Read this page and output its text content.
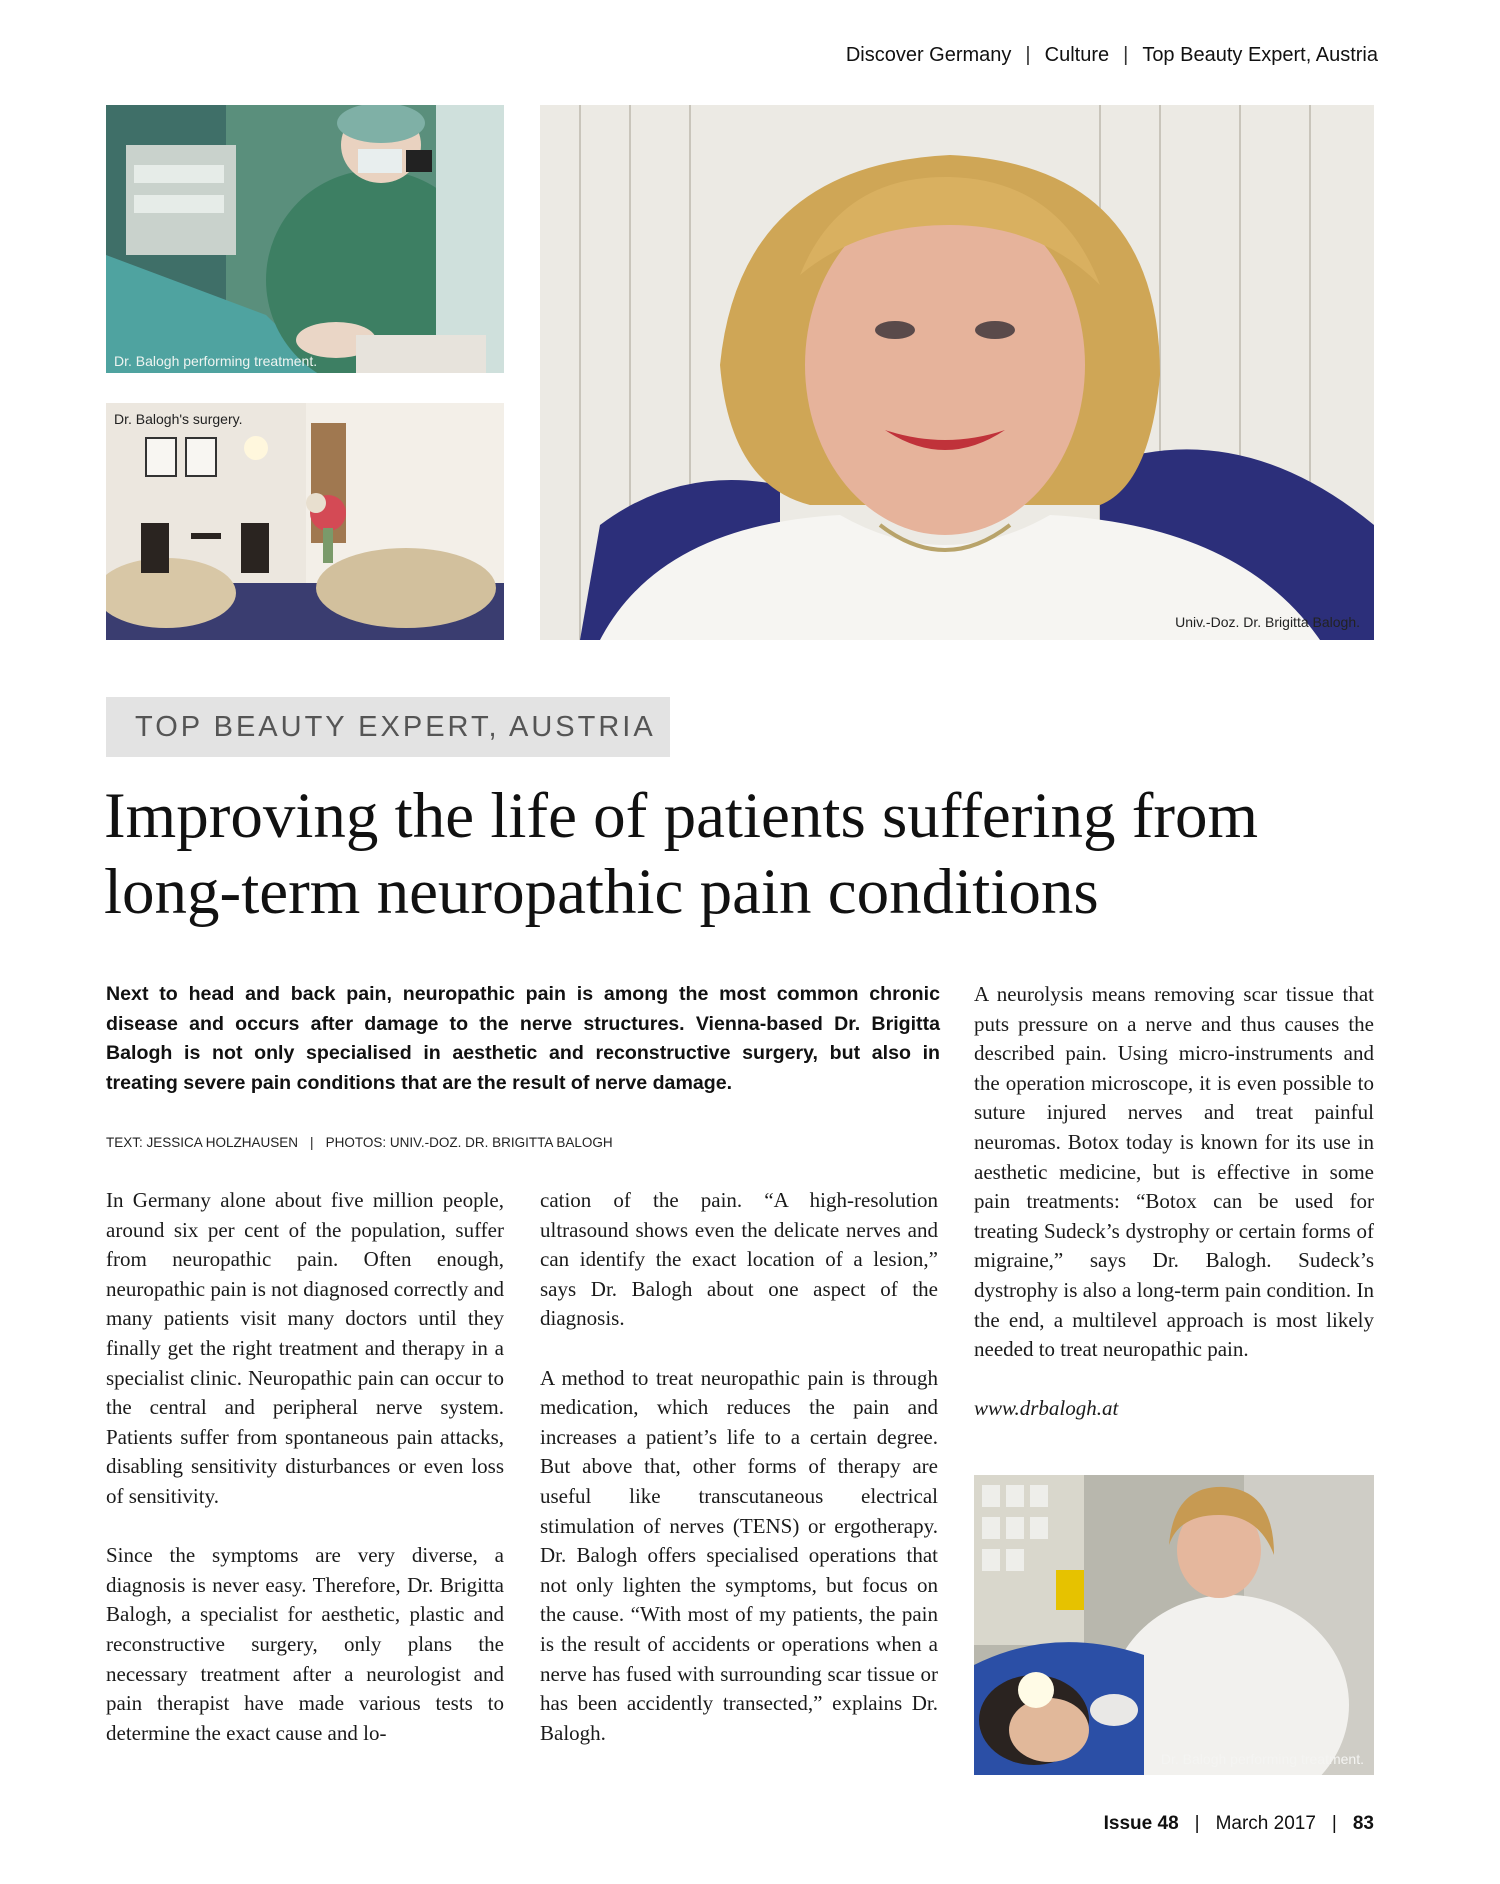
Discover Germany | Culture | Top Beauty Expert, Austria
Dr. Balogh performing treatment.
Dr. Balogh's surgery.
Univ.-Doz. Dr. Brigitta Balogh.
TOP BEAUTY EXPERT, AUSTRIA
Improving the life of patients suffering from
long-term neuropathic pain conditions

Next to head and back pain, neuropathic pain is among the most common chronic disease and occurs after damage to the nerve structures. Vienna-based Dr. Brigitta Balogh is not only specialised in aesthetic and reconstructive surgery, but also in treating severe pain conditions that are the result of nerve damage.

TEXT: JESSICA HOLZHAUSEN | PHOTOS: UNIV.-DOZ. DR. BRIGITTA BALOGH

In Germany alone about five million people, around six per cent of the population, suffer from neuropathic pain. Often enough, neuropathic pain is not diagnosed correctly and many patients visit many doctors until they finally get the right treatment and therapy in a specialist clinic. Neuropathic pain can occur to the central and peripheral nerve system. Patients suffer from spontaneous pain attacks, disabling sensitivity disturbances or even loss of sensitivity.

Since the symptoms are very diverse, a diagnosis is never easy. Therefore, Dr. Brigitta Balogh, a specialist for aesthetic, plastic and reconstructive surgery, only plans the necessary treatment after a neurologist and pain therapist have made various tests to determine the exact cause and lo-

cation of the pain. “A high-resolution ultrasound shows even the delicate nerves and can identify the exact location of a lesion,” says Dr. Balogh about one aspect of the diagnosis.

A method to treat neuropathic pain is through medication, which reduces the pain and increases a patient’s life to a certain degree. But above that, other forms of therapy are useful like transcutaneous electrical stimulation of nerves (TENS) or ergotherapy. Dr. Balogh offers specialised operations that not only lighten the symptoms, but focus on the cause. “With most of my patients, the pain is the result of accidents or operations when a nerve has fused with surrounding scar tissue or has been accidently transected,” explains Dr. Balogh.

A neurolysis means removing scar tissue that puts pressure on a nerve and thus causes the described pain. Using micro-instruments and the operation microscope, it is even possible to suture injured nerves and treat painful neuromas. Botox today is known for its use in aesthetic medicine, but is effective in some pain treatments: “Botox can be used for treating Sudeck’s dystrophy or certain forms of migraine,” says Dr. Balogh. Sudeck’s dystrophy is also a long-term pain condition. In the end, a multilevel approach is most likely needed to treat neuropathic pain.

www.drbalogh.at

Dr. Balogh performing treatment.
Issue 48 | March 2017 | 83
